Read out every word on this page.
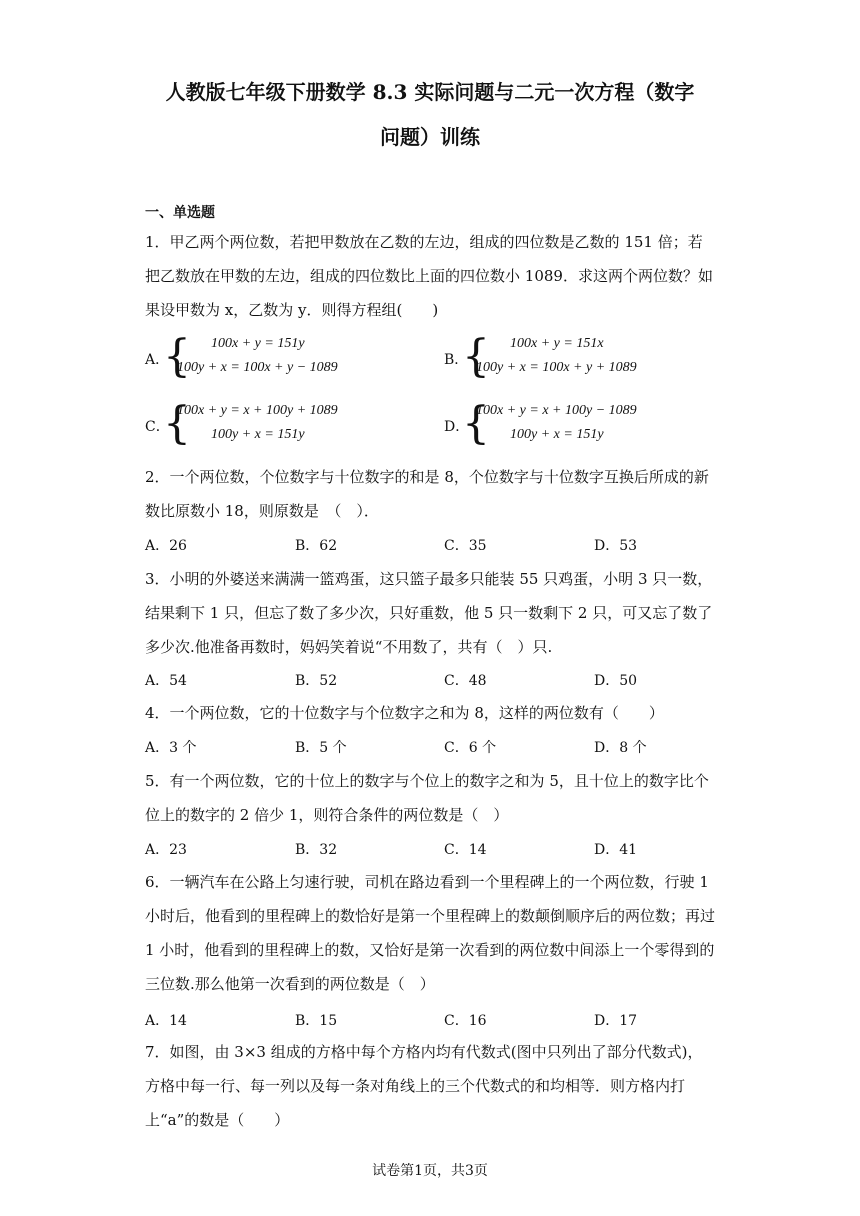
人教版七年级下册数学 8.3 实际问题与二元一次方程（数字
问题）训练
一、单选题
1．甲乙两个两位数，若把甲数放在乙数的左边，组成的四位数是乙数的 151 倍；若把乙数放在甲数的左边，组成的四位数比上面的四位数小 1089．求这两个两位数？如果设甲数为 x，乙数为 y．则得方程组(　　)
A．
{ 100x + y = 151y
100y + x = 100x + y − 1089	B．
{ 100x + y = 151x
100y + x = 100x + y + 1089
C．
{
100x + y = x + 100y + 1089
100y + x = 151y	D．
{
100x + y = x + 100y − 1089
100y + x = 151y
2．一个两位数，个位数字与十位数字的和是 8，个位数字与十位数字互换后所成的新数比原数小 18，则原数是　（　）．
A．26	B．62	C．35	D．53
3．小明的外婆送来满满一篮鸡蛋，这只篮子最多只能装 55 只鸡蛋，小明 3 只一数，结果剩下 1 只，但忘了数了多少次，只好重数，他 5 只一数剩下 2 只，可又忘了数了多少次.他准备再数时，妈妈笑着说“不用数了，共有（　）只.
A．54	B．52	C．48	D．50
4．一个两位数，它的十位数字与个位数字之和为 8，这样的两位数有（　　）
A．3 个	B．5 个	C．6 个	D．8 个
5．有一个两位数，它的十位上的数字与个位上的数字之和为 5，且十位上的数字比个位上的数字的 2 倍少 1，则符合条件的两位数是（　）
A．23	B．32	C．14	D．41
6．一辆汽车在公路上匀速行驶，司机在路边看到一个里程碑上的一个两位数，行驶 1 小时后，他看到的里程碑上的数恰好是第一个里程碑上的数颠倒顺序后的两位数；再过 1 小时，他看到的里程碑上的数，又恰好是第一次看到的两位数中间添上一个零得到的三位数.那么他第一次看到的两位数是（　）
A．14	B．15	C．16	D．17
7．如图，由 3×3 组成的方格中每个方格内均有代数式(图中只列出了部分代数式)，方格中每一行、每一列以及每一条对角线上的三个代数式的和均相等．则方格内打上“a”的数是（　　）
试卷第1页，共3页
